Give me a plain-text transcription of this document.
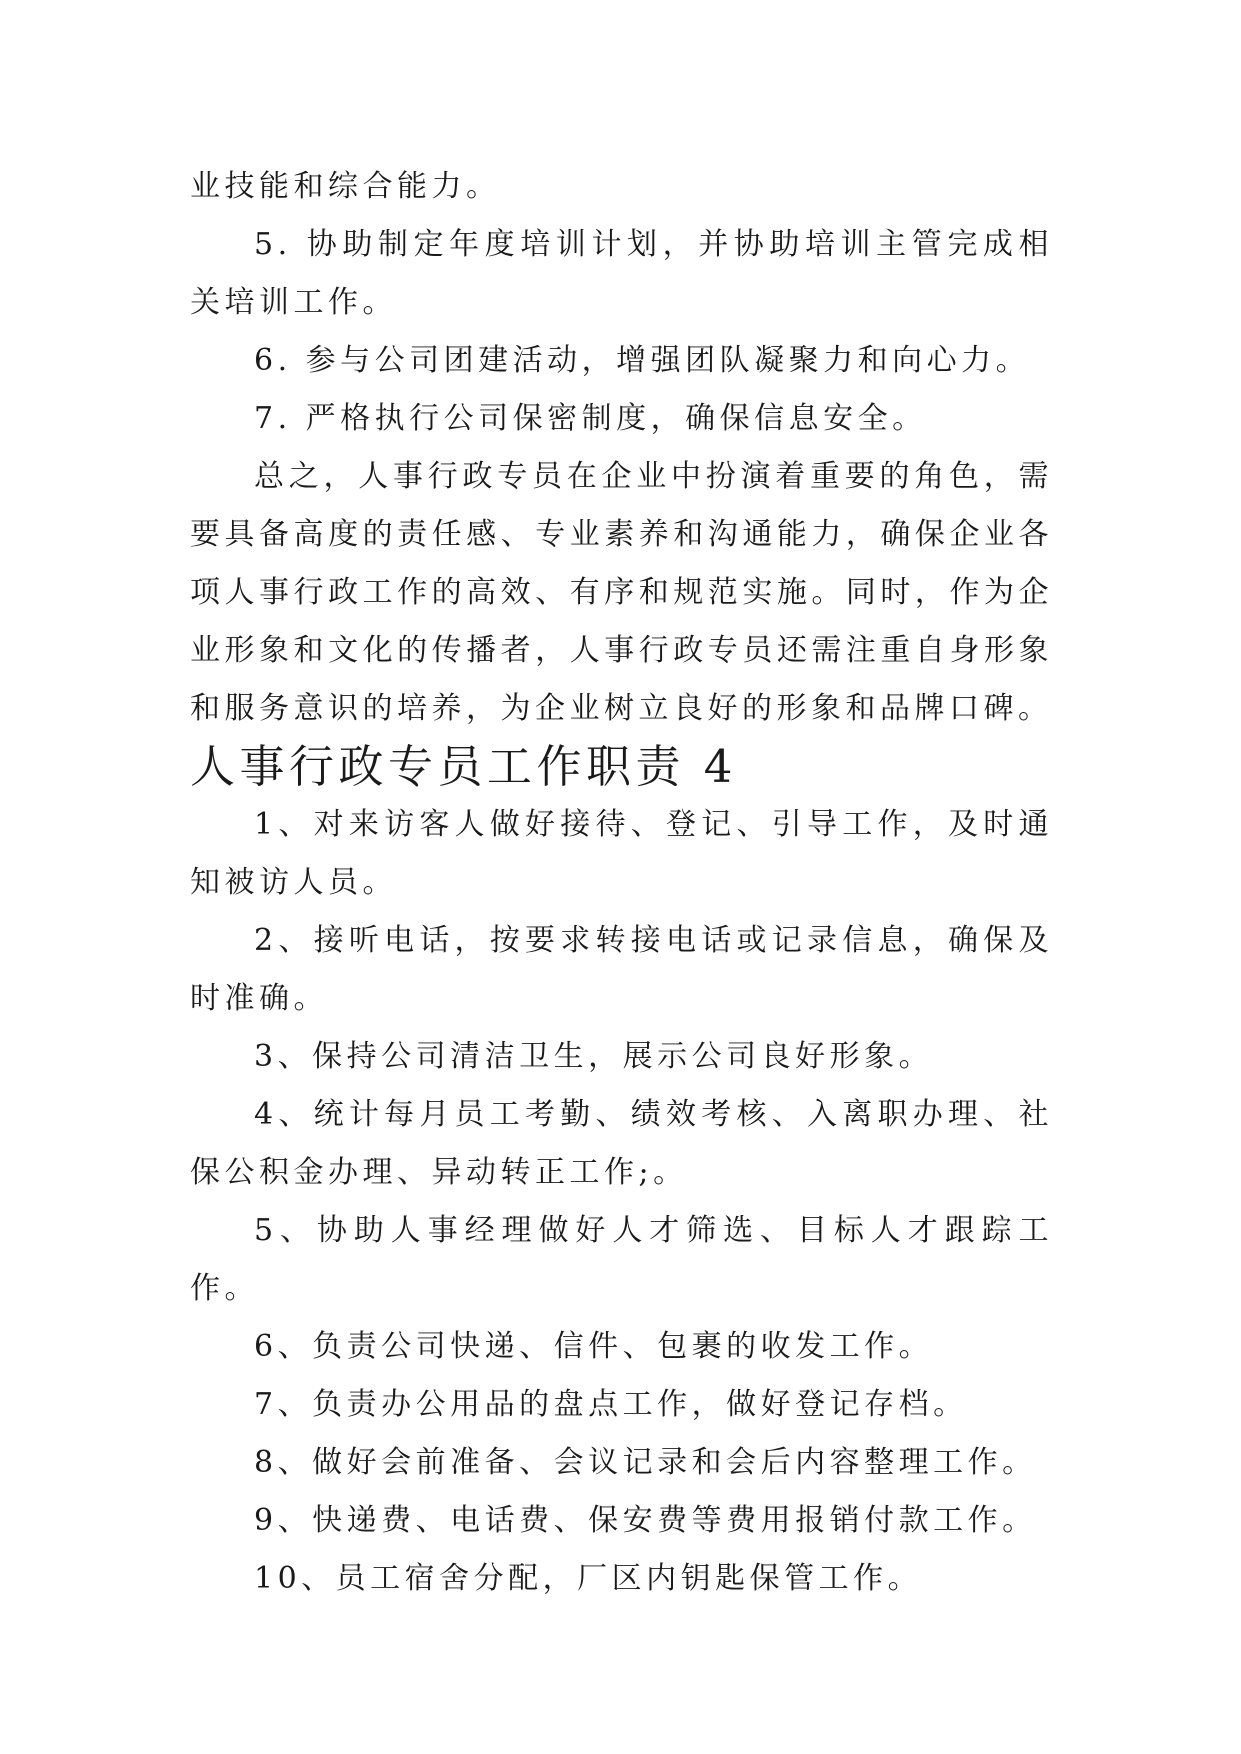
业技能和综合能力。

5. 协助制定年度培训计划，并协助培训主管完成相关培训工作。

6. 参与公司团建活动，增强团队凝聚力和向心力。

7. 严格执行公司保密制度，确保信息安全。

总之，人事行政专员在企业中扮演着重要的角色，需要具备高度的责任感、专业素养和沟通能力，确保企业各项人事行政工作的高效、有序和规范实施。同时，作为企业形象和文化的传播者，人事行政专员还需注重自身形象和服务意识的培养，为企业树立良好的形象和品牌口碑。

人事行政专员工作职责 4

1、对来访客人做好接待、登记、引导工作，及时通知被访人员。

2、接听电话，按要求转接电话或记录信息，确保及时准确。

3、保持公司清洁卫生，展示公司良好形象。

4、统计每月员工考勤、绩效考核、入离职办理、社保公积金办理、异动转正工作;。

5、协助人事经理做好人才筛选、目标人才跟踪工作。

6、负责公司快递、信件、包裹的收发工作。

7、负责办公用品的盘点工作，做好登记存档。

8、做好会前准备、会议记录和会后内容整理工作。

9、快递费、电话费、保安费等费用报销付款工作。

10、员工宿舍分配，厂区内钥匙保管工作。
